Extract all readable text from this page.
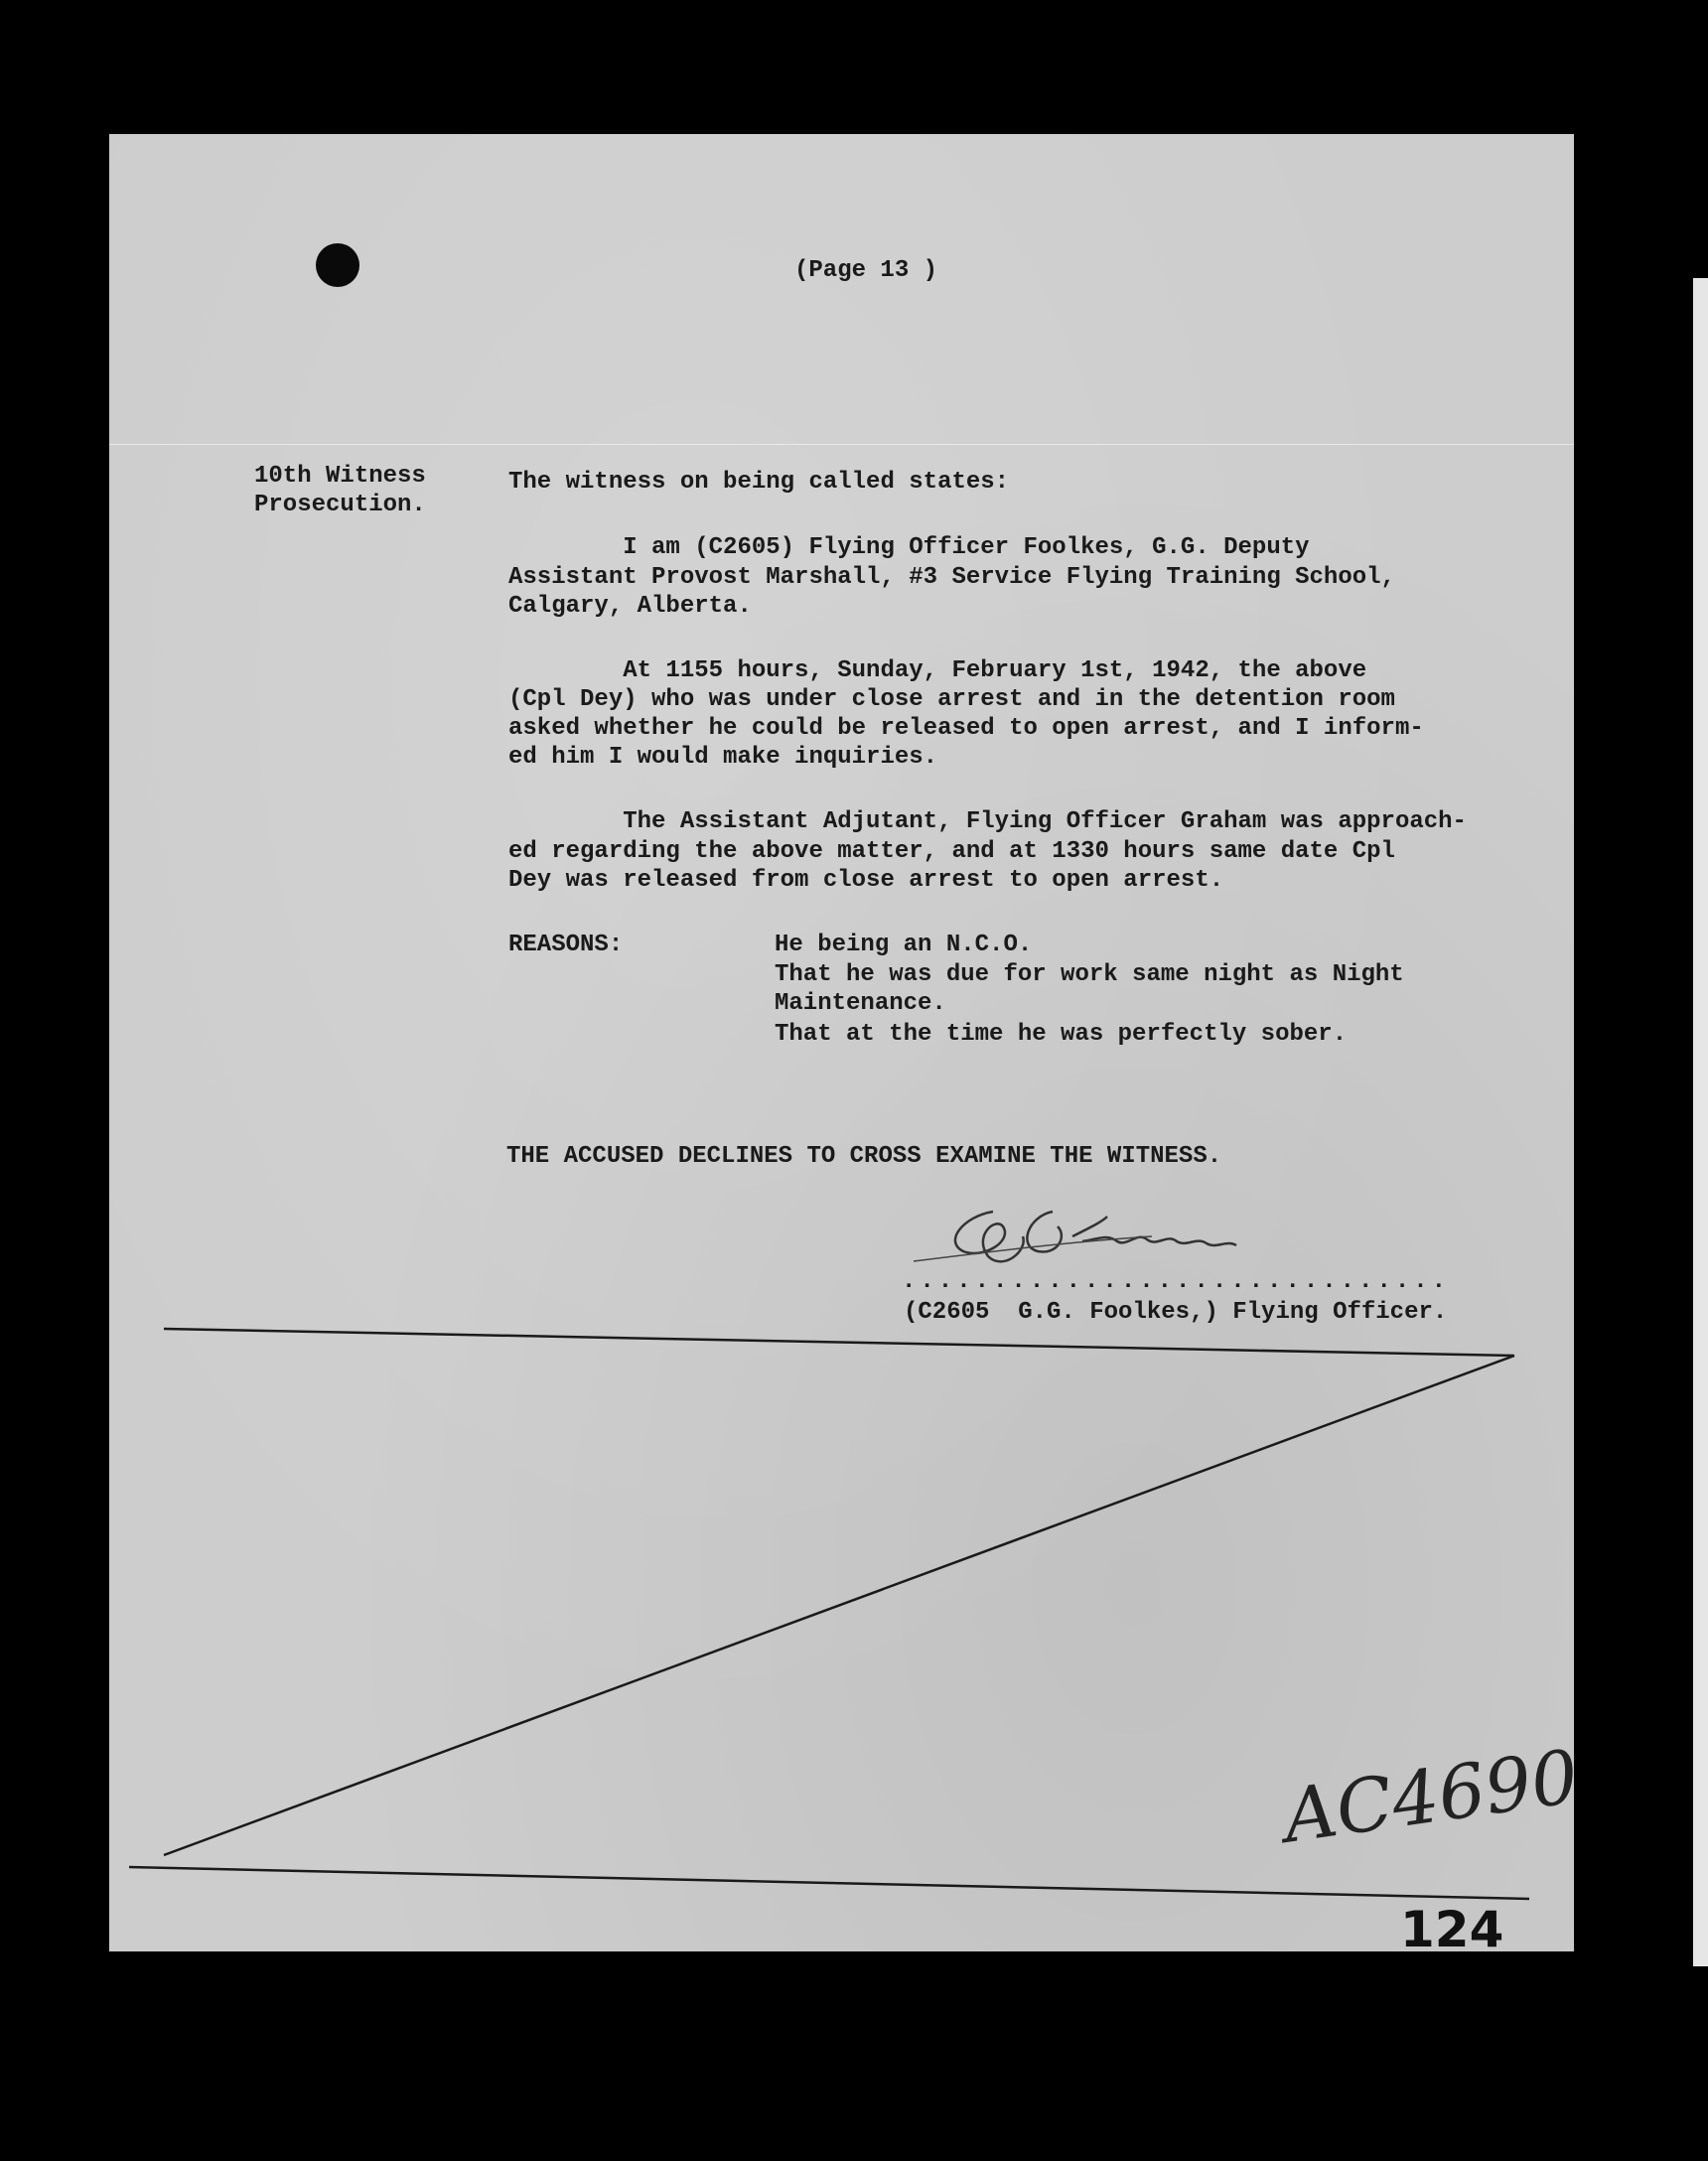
(Page 13 )
10th Witness
Prosecution.
The witness on being called states:
I am (C2605) Flying Officer Foolkes, G.G. Deputy
Assistant Provost Marshall, #3 Service Flying Training School,
Calgary, Alberta.
At 1155 hours, Sunday, February 1st, 1942, the above
(Cpl Dey) who was under close arrest and in the detention room
asked whether he could be released to open arrest, and I inform-
ed him I would make inquiries.
The Assistant Adjutant, Flying Officer Graham was approach-
ed regarding the above matter, and at 1330 hours same date Cpl
Dey was released from close arrest to open arrest.
REASONS:	He being an N.C.O.
That he was due for work same night as Night
Maintenance.
That at the time he was perfectly sober.
THE ACCUSED DECLINES TO CROSS EXAMINE THE WITNESS.
..............................
(C2605  G.G. Foolkes,) Flying Officer.
AC4690
124
